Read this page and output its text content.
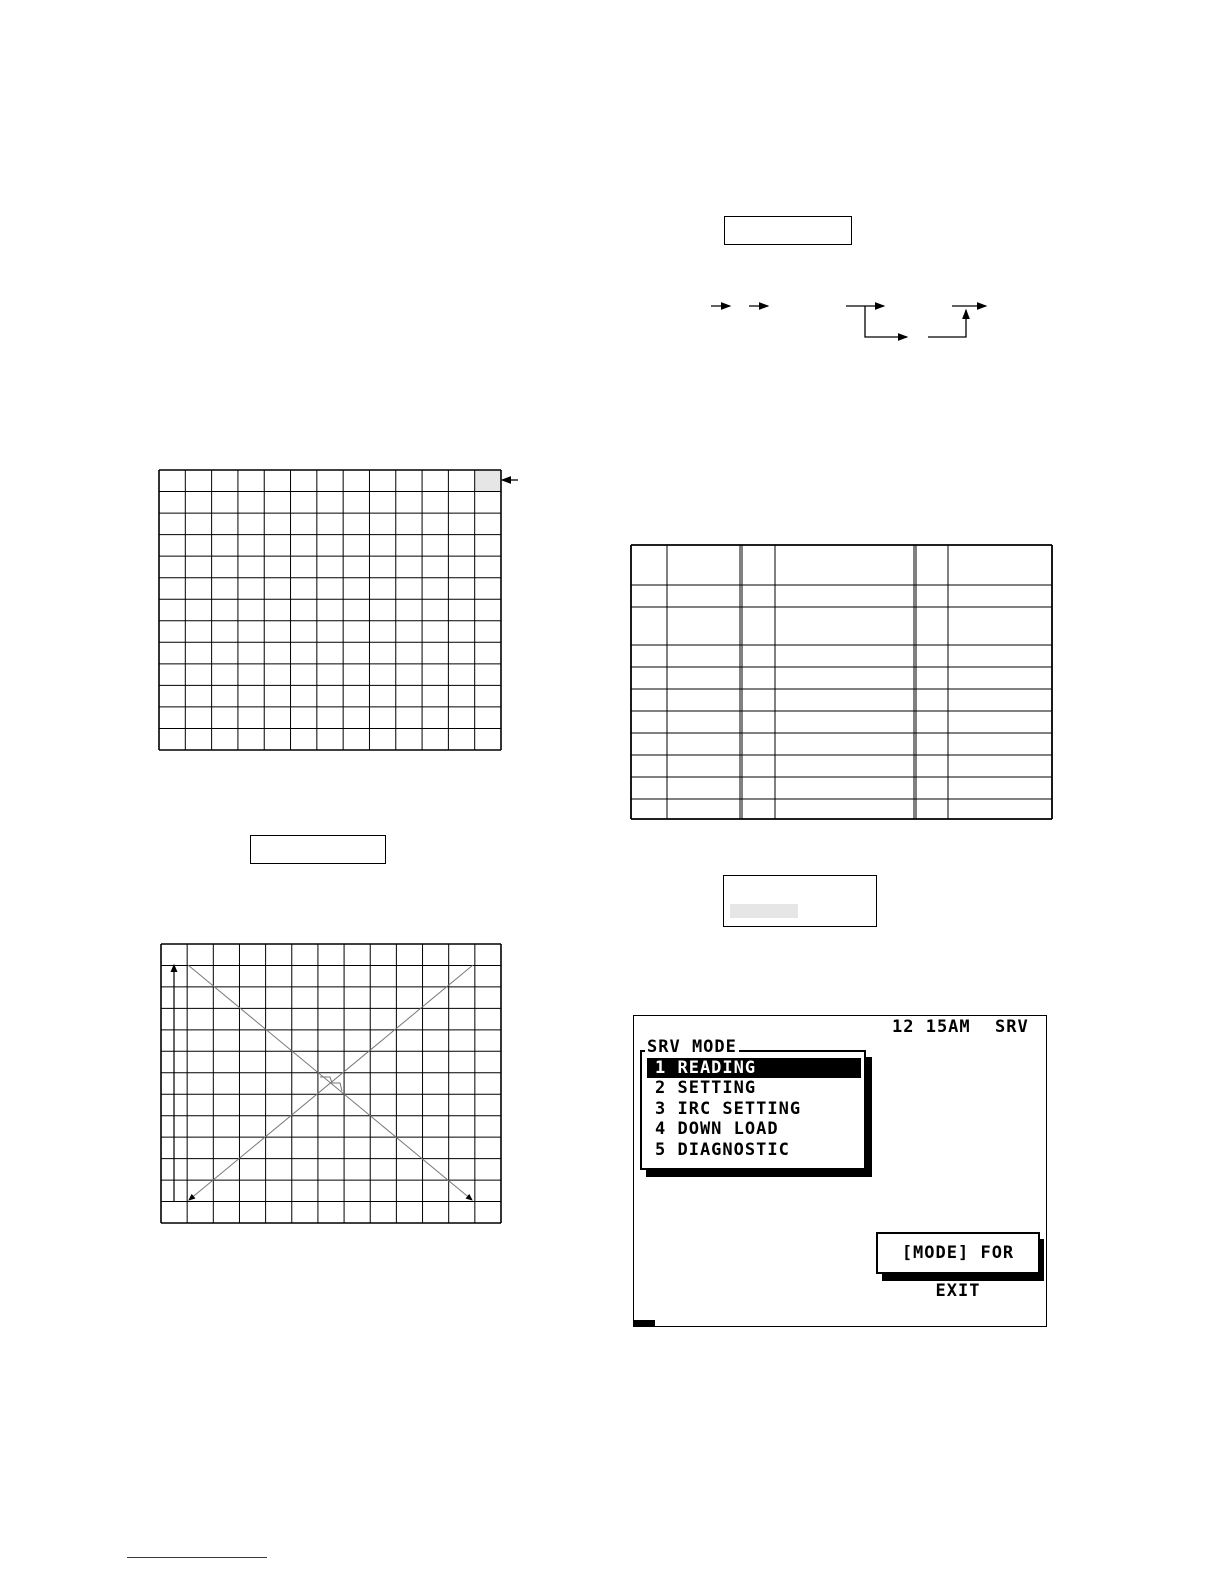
12 15AM SRV
SRV MODE
1 READING
2 SETTING
3 IRC SETTING
4 DOWN LOAD
5 DIAGNOSTIC
[MODE] FOR EXIT
